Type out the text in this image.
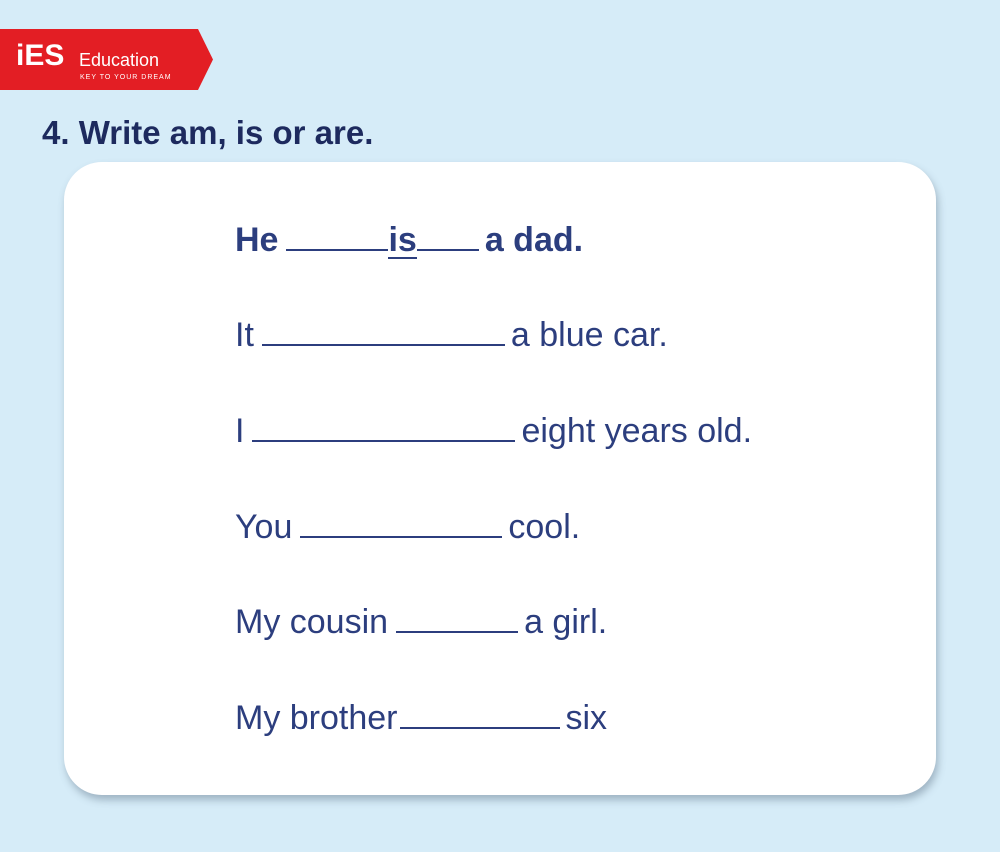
iES Education
KEY TO YOUR DREAM
4. Write am, is or are.
He	is a dad.
It	a blue car.
I	eight years old.
You	cool.
My cousin	a girl.
My brother	six
